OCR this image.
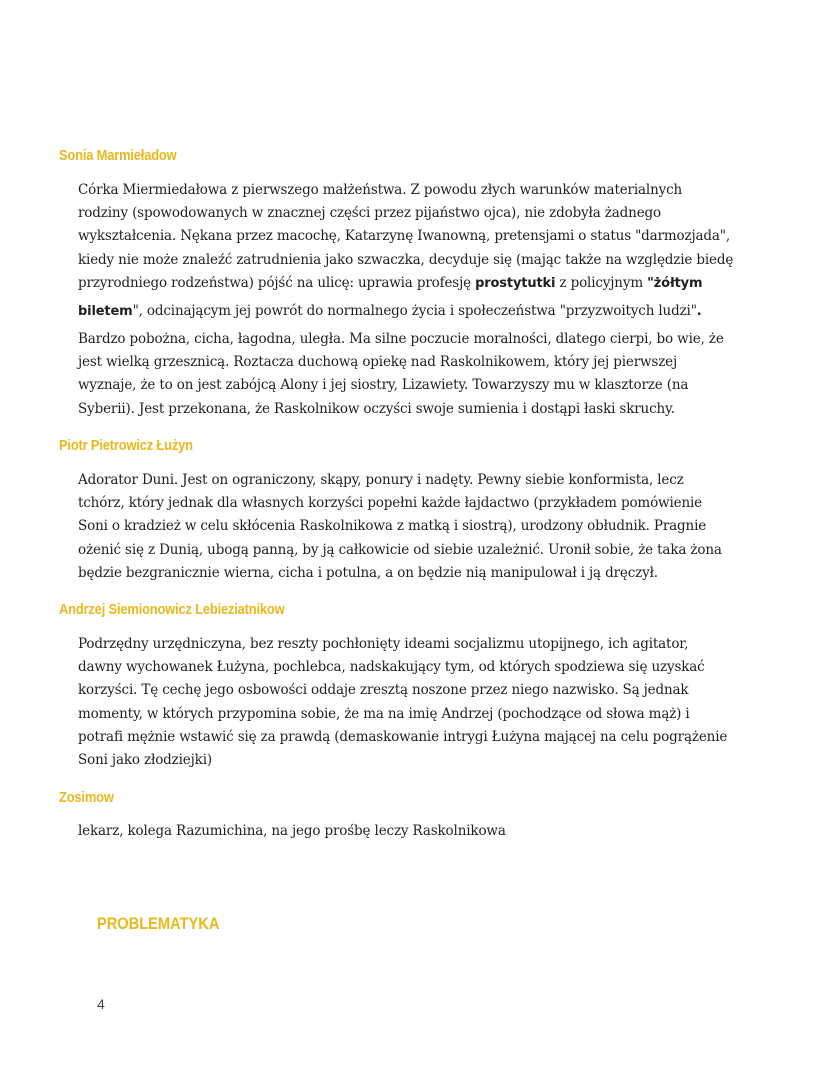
Sonia Marmieładow
Córka Miermiedałowa z pierwszego małżeństwa. Z powodu złych warunków materialnych
rodziny (spowodowanych w znacznej części przez pijaństwo ojca), nie zdobyła żadnego
wykształcenia. Nękana przez macochę, Katarzynę Iwanowną, pretensjami o status "darmozjada",
kiedy nie może znaleźć zatrudnienia jako szwaczka, decyduje się (mając także na względzie biedę
przyrodniego rodzeństwa) pójść na ulicę: uprawia profesję prostytutki z policyjnym "żółtym
biletem", odcinającym jej powrót do normalnego życia i społeczeństwa "przyzwoitych ludzi".
Bardzo pobożna, cicha, łagodna, uległa. Ma silne poczucie moralności, dlatego cierpi, bo wie, że
jest wielką grzesznicą. Roztacza duchową opiekę nad Raskolnikowem, który jej pierwszej
wyznaje, że to on jest zabójcą Alony i jej siostry, Lizawiety. Towarzyszy mu w klasztorze (na
Syberii). Jest przekonana, że Raskolnikow oczyści swoje sumienia i dostąpi łaski skruchy.
Piotr Pietrowicz Łużyn
Adorator Duni. Jest on ograniczony, skąpy, ponury i nadęty. Pewny siebie konformista, lecz
tchórz, który jednak dla własnych korzyści popełni każde łajdactwo (przykładem pomówienie
Soni o kradzież w celu skłócenia Raskolnikowa z matką i siostrą), urodzony obłudnik. Pragnie
ożenić się z Dunią, ubogą panną, by ją całkowicie od siebie uzależnić. Uronił sobie, że taka żona
będzie bezgranicznie wierna, cicha i potulna, a on będzie nią manipulował i ją dręczył.
Andrzej Siemionowicz Lebieziatnikow
Podrzędny urzędniczyna, bez reszty pochłonięty ideami socjalizmu utopijnego, ich agitator,
dawny wychowanek Łużyna, pochlebca, nadskakujący tym, od których spodziewa się uzyskać
korzyści. Tę cechę jego osbowości oddaje zresztą noszone przez niego nazwisko. Są jednak
momenty, w których przypomina sobie, że ma na imię Andrzej (pochodzące od słowa mąż) i
potrafi mężnie wstawić się za prawdą (demaskowanie intrygi Łużyna mającej na celu pogrążenie
Soni jako złodziejki)
Zosimow
lekarz, kolega Razumichina, na jego prośbę leczy Raskolnikowa
PROBLEMATYKA
4
